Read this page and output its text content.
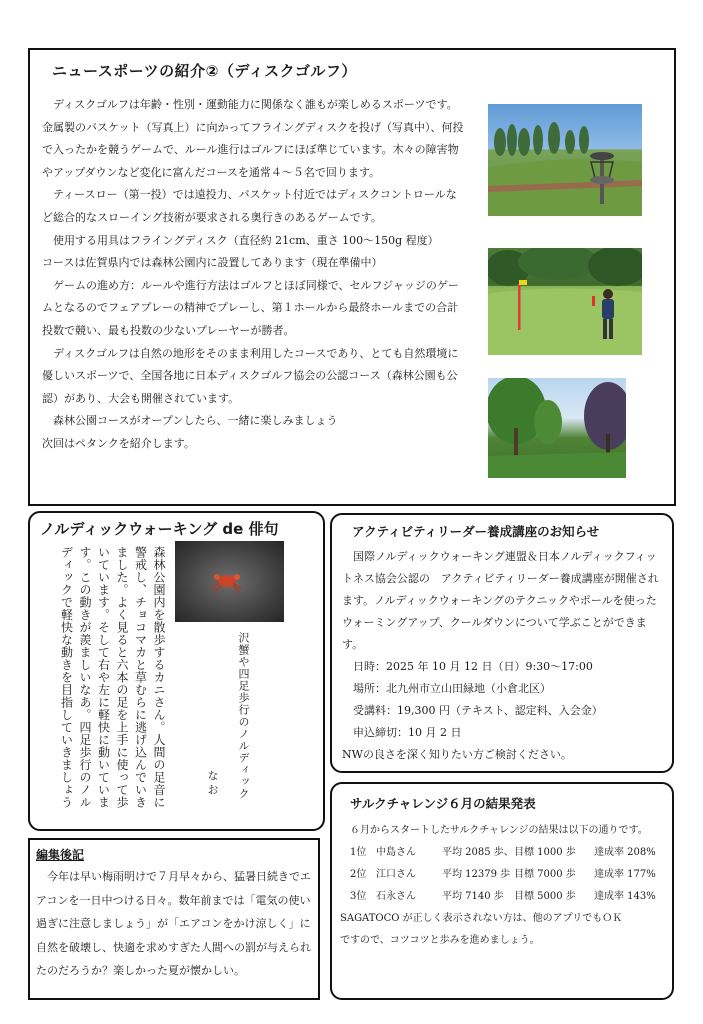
ニュースポーツの紹介②（ディスクゴルフ）

ディスクゴルフは年齢・性別・運動能力に関係なく誰もが楽しめるスポーツです。金属製のバスケット（写真上）に向かってフライングディスクを投げ（写真中）、何投で入ったかを競うゲームで、ルール進行はゴルフにほぼ準じています。木々の障害物やアップダウンなど変化に富んだコースを通常４～５名で回ります。

ティースロー（第一投）では遠投力、バスケット付近ではディスクコントロールなど総合的なスローイング技術が要求される奥行きのあるゲームです。

使用する用具はフライングディスク（直径約 21cm、重さ 100～150g 程度）

コースは佐賀県内では森林公園内に設置してあります（現在準備中）

ゲームの進め方：ルールや進行方法はゴルフとほぼ同様で、セルフジャッジのゲームとなるのでフェアプレーの精神でプレーし、第１ホールから最終ホールまでの合計投数で競い、最も投数の少ないプレーヤーが勝者。

ディスクゴルフは自然の地形をそのまま利用したコースであり、とても自然環境に優しいスポーツで、全国各地に日本ディスクゴルフ協会の公認コース（森林公園も公認）があり、大会も開催されています。

森林公園コースがオープンしたら、一緒に楽しみましょう

次回はペタンクを紹介します。

ノルディックウォーキング de 俳句
森林公園内を散歩するカニさん。人間の足音に警戒し、チョコマカと草むらに逃げ込んでいきました。よく見ると六本の足を上手に使って歩いています。そして右や左に軽快に動いています。この動きが羨ましいなあ。四足歩行のノルディックで軽快な動きを目指していきましょう	沢蟹や四足歩行のノルディック
なお
編集後記
今年は早い梅雨明けで７月早々から、猛暑日続きでエアコンを一日中つける日々。数年前までは「電気の使い過ぎに注意しましょう」が「エアコンをかけ涼しく」に自然を破壊し、快適を求めすぎた人間への罰が与えられたのだろうか？楽しかった夏が懐かしい。
アクティビティリーダー養成講座のお知らせ

国際ノルディックウォーキング連盟＆日本ノルディックフィットネス協会公認の　アクティビティリーダー養成講座が開催されます。ノルディックウォーキングのテクニックやポールを使ったウォーミングアップ、クールダウンについて学ぶことができます。

日時：2025 年 10 月 12 日（日）9:30～17:00

場所：北九州市立山田緑地（小倉北区）

受講料：19,300 円（テキスト、認定料、入会金）

申込締切：10 月 2 日

NWの良さを深く知りたい方ご検討ください。

サルクチャレンジ６月の結果発表

６月からスタートしたサルクチャレンジの結果は以下の通りです。

1位 中島さん	平均 2085 歩、目標 1000 歩 達成率 208%

2位 江口さん	平均 12379 歩 目標 7000 歩 達成率 177%

3位 石永さん	平均 7140 歩 目標 5000 歩 達成率 143%

SAGATOCO が正しく表示されない方は、他のアプリでもＯＫ

ですので、コツコツと歩みを進めましょう。
